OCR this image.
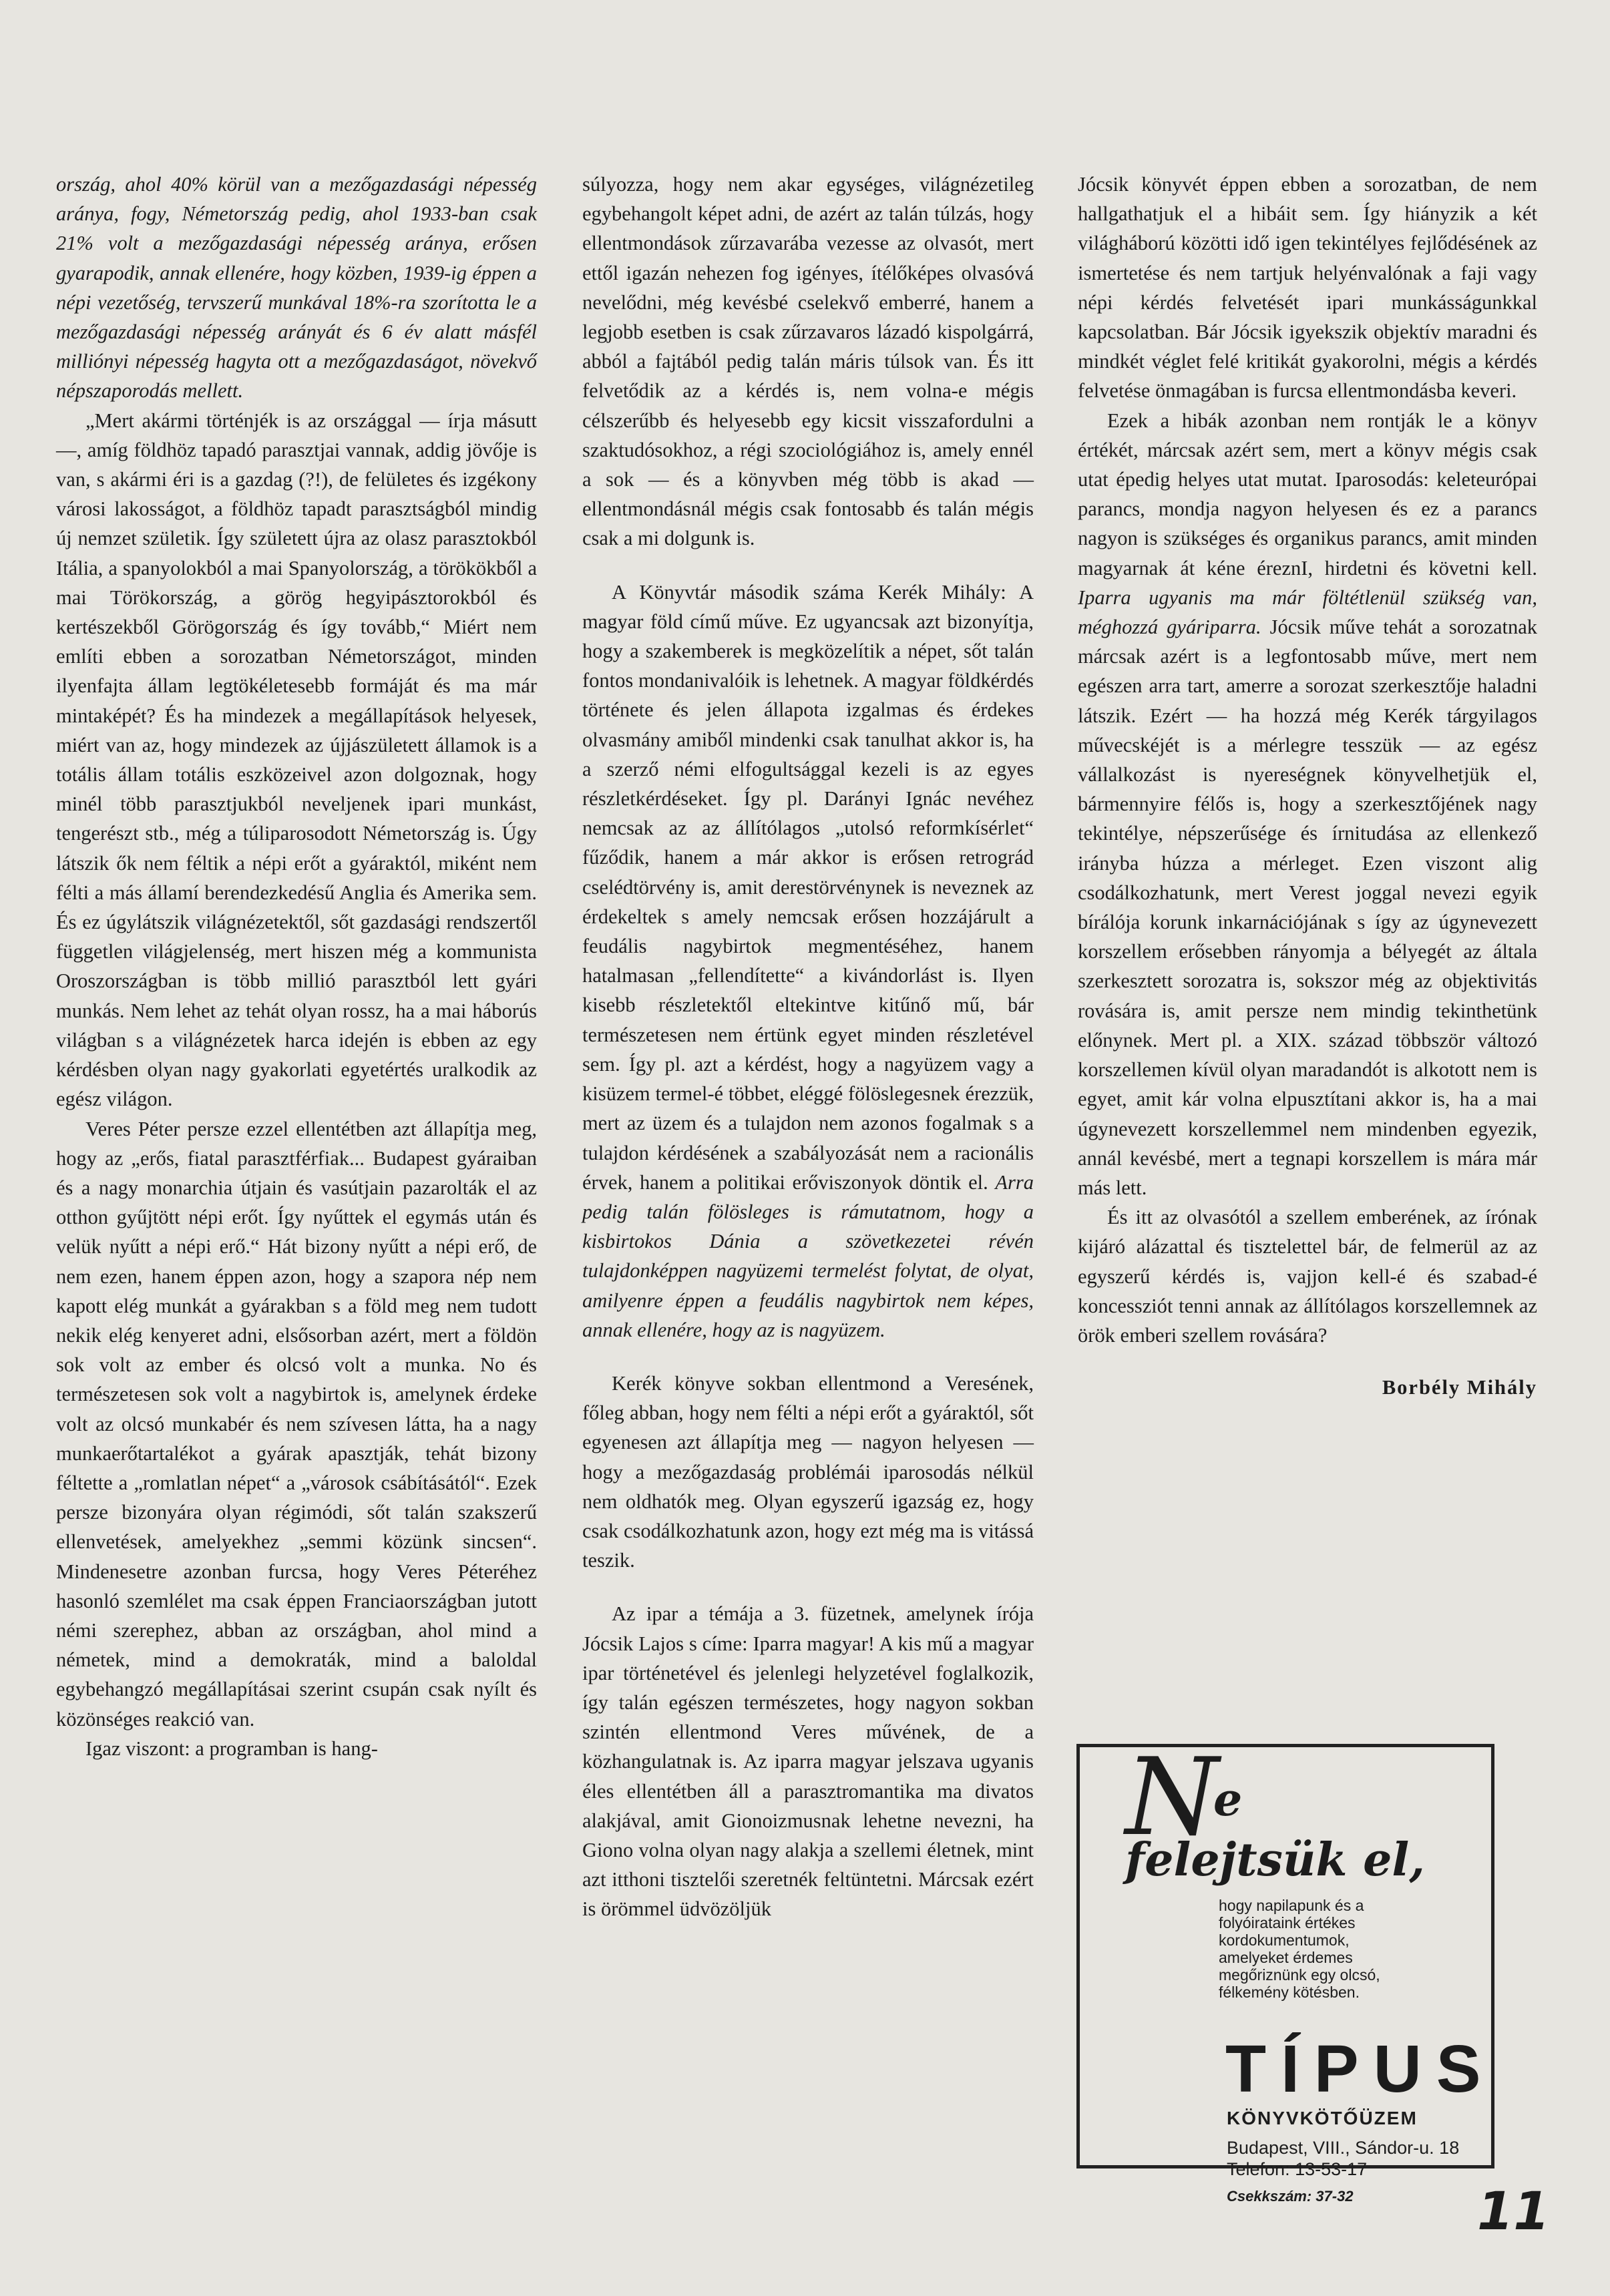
ország, ahol 40% körül van a mezőgazdasági népesség aránya, fogy, Németország pedig, ahol 1933-ban csak 21% volt a mezőgazdasági népesség aránya, erősen gyarapodik, annak ellenére, hogy közben, 1939-ig éppen a népi vezetőség, tervszerű munkával 18%-ra szorította le a mezőgazdasági népesség arányát és 6 év alatt másfél milliónyi népesség hagyta ott a mezőgazdaságot, növekvő népszaporodás mellett.

„Mert akármi történjék is az országgal — írja másutt —, amíg földhöz tapadó parasztjai vannak, addig jövője is van, s akármi éri is a gazdag (?!), de felületes és izgékony városi lakosságot, a földhöz tapadt parasztságból mindig új nemzet születik. Így született újra az olasz parasztokból Itália, a spanyolokból a mai Spanyolország, a törökökből a mai Törökország, a görög hegyipásztorokból és kertészekből Görögország és így tovább,“ Miért nem említi ebben a sorozatban Németországot, minden ilyenfajta állam legtökéletesebb formáját és ma már mintaképét? És ha mindezek a megállapítások helyesek, miért van az, hogy mindezek az újjászületett államok is a totális állam totális eszközeivel azon dolgoznak, hogy minél több parasztjukból neveljenek ipari munkást, tengerészt stb., még a túliparosodott Németország is. Úgy látszik ők nem féltik a népi erőt a gyáraktól, miként nem félti a más államí berendezkedésű Anglia és Amerika sem. És ez úgylátszik világnézetektől, sőt gazdasági rendszertől független világjelenség, mert hiszen még a kommunista Oroszországban is több millió parasztból lett gyári munkás. Nem lehet az tehát olyan rossz, ha a mai háborús világban s a világnézetek harca idején is ebben az egy kérdésben olyan nagy gyakorlati egyetértés uralkodik az egész világon.

Veres Péter persze ezzel ellentétben azt állapítja meg, hogy az „erős, fiatal parasztférfiak... Budapest gyáraiban és a nagy monarchia útjain és vasútjain pazarolták el az otthon gyűjtött népi erőt. Így nyűttek el egymás után és velük nyűtt a népi erő.“ Hát bizony nyűtt a népi erő, de nem ezen, hanem éppen azon, hogy a szapora nép nem kapott elég munkát a gyárakban s a föld meg nem tudott nekik elég kenyeret adni, elsősorban azért, mert a földön sok volt az ember és olcsó volt a munka. No és természetesen sok volt a nagybirtok is, amelynek érdeke volt az olcsó munkabér és nem szívesen látta, ha a nagy munkaerőtartalékot a gyárak apasztják, tehát bizony féltette a „romlatlan népet“ a „városok csábításától“. Ezek persze bizonyára olyan régimódi, sőt talán szakszerű ellenvetések, amelyekhez „semmi közünk sincsen“. Mindenesetre azonban furcsa, hogy Veres Péteréhez hasonló szemlélet ma csak éppen Franciaországban jutott némi szerephez, abban az országban, ahol mind a németek, mind a demokraták, mind a baloldal egybehangzó megállapításai szerint csupán csak nyílt és közönséges reakció van.

Igaz viszont: a programban is hang-

súlyozza, hogy nem akar egységes, világnézetileg egybehangolt képet adni, de azért az talán túlzás, hogy ellentmondások zűrzavarába vezesse az olvasót, mert ettől igazán nehezen fog igényes, ítélőképes olvasóvá nevelődni, még kevésbé cselekvő emberré, hanem a legjobb esetben is csak zűrzavaros lázadó kispolgárrá, abból a fajtából pedig talán máris túlsok van. És itt felvetődik az a kérdés is, nem volna-e mégis célszerűbb és helyesebb egy kicsit visszafordulni a szaktudósokhoz, a régi szociológiához is, amely ennél a sok — és a könyvben még több is akad — ellentmondásnál mégis csak fontosabb és talán mégis csak a mi dolgunk is.

A Könyvtár második száma Kerék Mihály: A magyar föld című műve. Ez ugyancsak azt bizonyítja, hogy a szakemberek is megközelítik a népet, sőt talán fontos mondanivalóik is lehetnek. A magyar földkérdés története és jelen állapota izgalmas és érdekes olvasmány amiből mindenki csak tanulhat akkor is, ha a szerző némi elfogultsággal kezeli is az egyes részletkérdéseket. Így pl. Darányi Ignác nevéhez nemcsak az az állítólagos „utolsó reformkísérlet“ fűződik, hanem a már akkor is erősen retrográd cselédtörvény is, amit derestörvénynek is neveznek az érdekeltek s amely nemcsak erősen hozzájárult a feudális nagybirtok megmentéséhez, hanem hatalmasan „fellendítette“ a kivándorlást is. Ilyen kisebb részletektől eltekintve kitűnő mű, bár természetesen nem értünk egyet minden részletével sem. Így pl. azt a kérdést, hogy a nagyüzem vagy a kisüzem termel-é többet, eléggé fölöslegesnek érezzük, mert az üzem és a tulajdon nem azonos fogalmak s a tulajdon kérdésének a szabályozását nem a racionális érvek, hanem a politikai erőviszonyok döntik el. Arra pedig talán fölösleges is rámutatnom, hogy a kisbirtokos Dánia a szövetkezetei révén tulajdonképpen nagyüzemi termelést folytat, de olyat, amilyenre éppen a feudális nagybirtok nem képes, annak ellenére, hogy az is nagyüzem.

Kerék könyve sokban ellentmond a Veresének, főleg abban, hogy nem félti a népi erőt a gyáraktól, sőt egyenesen azt állapítja meg — nagyon helyesen — hogy a mezőgazdaság problémái iparosodás nélkül nem oldhatók meg. Olyan egyszerű igazság ez, hogy csak csodálkozhatunk azon, hogy ezt még ma is vitássá teszik.

Az ipar a témája a 3. füzetnek, amelynek írója Jócsik Lajos s címe: Iparra magyar! A kis mű a magyar ipar történetével és jelenlegi helyzetével foglalkozik, így talán egészen természetes, hogy nagyon sokban szintén ellentmond Veres művének, de a közhangulatnak is. Az iparra magyar jelszava ugyanis éles ellentétben áll a parasztromantika ma divatos alakjával, amit Gionoizmusnak lehetne nevezni, ha Giono volna olyan nagy alakja a szellemi életnek, mint azt itthoni tisztelői szeretnék feltüntetni. Márcsak ezért is örömmel üdvözöljük

Jócsik könyvét éppen ebben a sorozatban, de nem hallgathatjuk el a hibáit sem. Így hiányzik a két világháború közötti idő igen tekintélyes fejlődésének az ismertetése és nem tartjuk helyénvalónak a faji vagy népi kérdés felvetését ipari munkásságunkkal kapcsolatban. Bár Jócsik igyekszik objektív maradni és mindkét véglet felé kritikát gyakorolni, mégis a kérdés felvetése önmagában is furcsa ellentmondásba keveri.

Ezek a hibák azonban nem rontják le a könyv értékét, márcsak azért sem, mert a könyv mégis csak utat épedig helyes utat mutat. Iparosodás: keleteurópai parancs, mondja nagyon helyesen és ez a parancs nagyon is szükséges és organikus parancs, amit minden magyarnak át kéne éreznI, hirdetni és követni kell. Iparra ugyanis ma már föltétlenül szükség van, méghozzá gyáriparra. Jócsik műve tehát a sorozatnak márcsak azért is a legfontosabb műve, mert nem egészen arra tart, amerre a sorozat szerkesztője haladni látszik. Ezért — ha hozzá még Kerék tárgyilagos művecskéjét is a mérlegre tesszük — az egész vállalkozást is nyereségnek könyvelhetjük el, bármennyire félős is, hogy a szerkesztőjének nagy tekintélye, népszerűsége és írnitudása az ellenkező irányba húzza a mérleget. Ezen viszont alig csodálkozhatunk, mert Verest joggal nevezi egyik bírálója korunk inkarnációjának s így az úgynevezett korszellem erősebben rányomja a bélyegét az általa szerkesztett sorozatra is, sokszor még az objektivitás rovására is, amit persze nem mindig tekinthetünk előnynek. Mert pl. a XIX. század többször változó korszellemen kívül olyan maradandót is alkotott nem is egyet, amit kár volna elpusztítani akkor is, ha a mai úgynevezett korszellemmel nem mindenben egyezik, annál kevésbé, mert a tegnapi korszellem is mára már más lett.

És itt az olvasótól a szellem emberének, az írónak kijáró alázattal és tisztelettel bár, de felmerül az az egyszerű kérdés is, vajjon kell-é és szabad-é koncessziót tenni annak az állítólagos korszellemnek az örök emberi szellem rovására?

Borbély Mihály

Ne felejtsük el,
hogy napilapunk és a folyóirataink értékes kordokumentumok, amelyeket érdemes megőriznünk egy olcsó, félkemény kötésben.
TÍPUS
KÖNYVKÖTŐÜZEM
Budapest, VIII., Sándor-u. 18
Telefon: 13-53-17
Csekkszám: 37-32	11
